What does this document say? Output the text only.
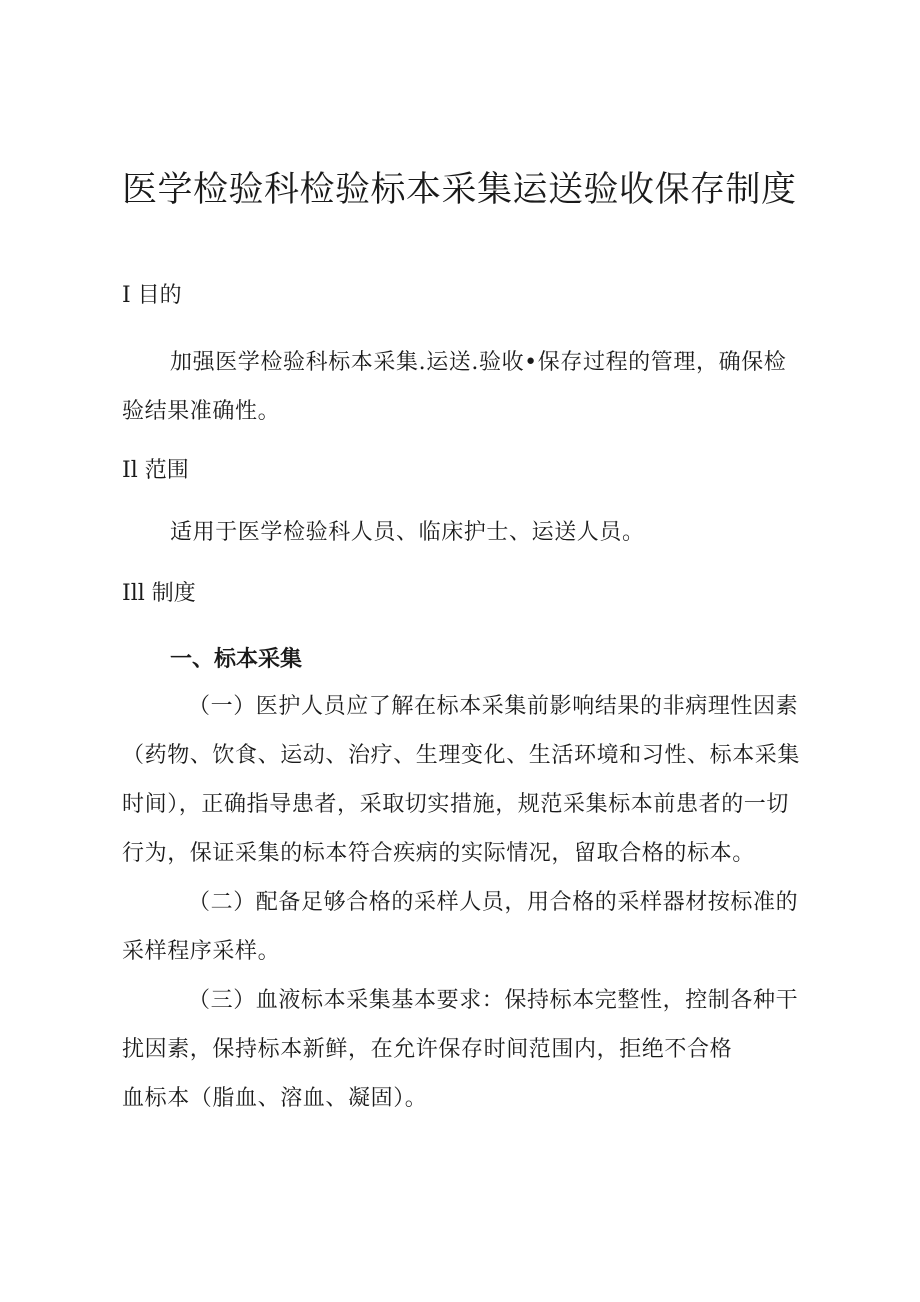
医学检验科检验标本采集运送验收保存制度
I 目的
加强医学检验科标本采集.运送.验收•保存过程的管理，确保检
验结果准确性。
Il 范围
适用于医学检验科人员、临床护士、运送人员。
Ill 制度
一、标本采集
（一）医护人员应了解在标本采集前影响结果的非病理性因素
（药物、饮食、运动、治疗、生理变化、生活环境和习性、标本采集
时间），正确指导患者，采取切实措施，规范采集标本前患者的一切
行为，保证采集的标本符合疾病的实际情况，留取合格的标本。
（二）配备足够合格的采样人员，用合格的采样器材按标准的
采样程序采样。
（三）血液标本采集基本要求：保持标本完整性，控制各种干
扰因素，保持标本新鲜，在允许保存时间范围内，拒绝不合格
血标本（脂血、溶血、凝固）。
